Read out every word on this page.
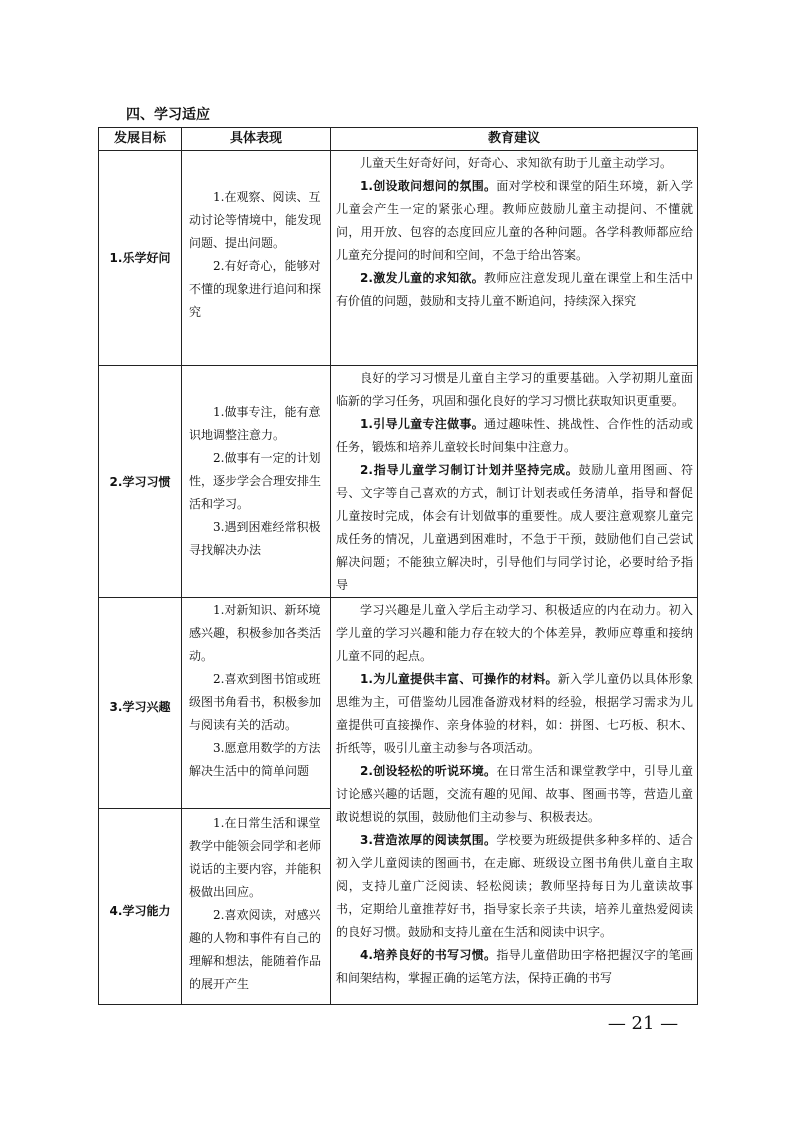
四、学习适应
发展目标	具体表现	教育建议
1.乐学好问
2.学习习惯
3.学习兴趣
4.学习能力

1.在观察、阅读、互动讨论等情境中，能发现问题、提出问题。

2.有好奇心，能够对不懂的现象进行追问和探究

1.做事专注，能有意识地调整注意力。

2.做事有一定的计划性，逐步学会合理安排生活和学习。

3.遇到困难经常积极寻找解决办法

1.对新知识、新环境感兴趣，积极参加各类活动。

2.喜欢到图书馆或班级图书角看书，积极参加与阅读有关的活动。

3.愿意用数学的方法解决生活中的简单问题

1.在日常生活和课堂教学中能领会同学和老师说话的主要内容，并能积极做出回应。

2.喜欢阅读，对感兴趣的人物和事件有自己的理解和想法，能随着作品的展开产生

儿童天生好奇好问，好奇心、求知欲有助于儿童主动学习。

1.创设敢问想问的氛围。面对学校和课堂的陌生环境，新入学儿童会产生一定的紧张心理。教师应鼓励儿童主动提问、不懂就问，用开放、包容的态度回应儿童的各种问题。各学科教师都应给儿童充分提问的时间和空间，不急于给出答案。

2.激发儿童的求知欲。教师应注意发现儿童在课堂上和生活中有价值的问题，鼓励和支持儿童不断追问，持续深入探究

良好的学习习惯是儿童自主学习的重要基础。入学初期儿童面临新的学习任务，巩固和强化良好的学习习惯比获取知识更重要。

1.引导儿童专注做事。通过趣味性、挑战性、合作性的活动或任务，锻炼和培养儿童较长时间集中注意力。

2.指导儿童学习制订计划并坚持完成。鼓励儿童用图画、符号、文字等自己喜欢的方式，制订计划表或任务清单，指导和督促儿童按时完成，体会有计划做事的重要性。成人要注意观察儿童完成任务的情况，儿童遇到困难时，不急于干预，鼓励他们自己尝试解决问题；不能独立解决时，引导他们与同学讨论，必要时给予指导

学习兴趣是儿童入学后主动学习、积极适应的内在动力。初入学儿童的学习兴趣和能力存在较大的个体差异，教师应尊重和接纳儿童不同的起点。

1.为儿童提供丰富、可操作的材料。新入学儿童仍以具体形象思维为主，可借鉴幼儿园准备游戏材料的经验，根据学习需求为儿童提供可直接操作、亲身体验的材料，如：拼图、七巧板、积木、折纸等，吸引儿童主动参与各项活动。

2.创设轻松的听说环境。在日常生活和课堂教学中，引导儿童讨论感兴趣的话题，交流有趣的见闻、故事、图画书等，营造儿童敢说想说的氛围，鼓励他们主动参与、积极表达。

3.营造浓厚的阅读氛围。学校要为班级提供多种多样的、适合初入学儿童阅读的图画书，在走廊、班级设立图书角供儿童自主取阅，支持儿童广泛阅读、轻松阅读；教师坚持每日为儿童读故事书，定期给儿童推荐好书，指导家长亲子共读，培养儿童热爱阅读的良好习惯。鼓励和支持儿童在生活和阅读中识字。

4.培养良好的书写习惯。指导儿童借助田字格把握汉字的笔画和间架结构，掌握正确的运笔方法，保持正确的书写

— 21 —
